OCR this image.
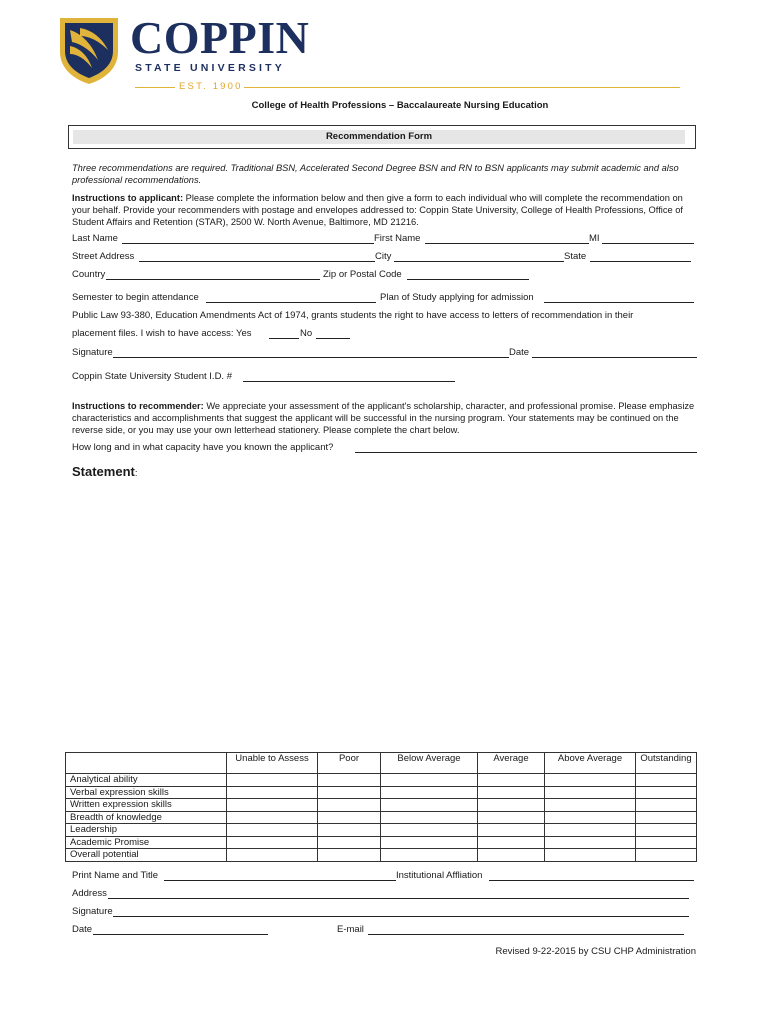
COPPIN
STATE UNIVERSITY
EST. 1900
College of Health Professions – Baccalaureate Nursing Education
Recommendation Form
Three recommendations are required. Traditional BSN, Accelerated Second Degree BSN and RN to BSN applicants may submit academic and also professional recommendations.
Instructions to applicant: Please complete the information below and then give a form to each individual who will complete the recommendation on your behalf. Provide your recommenders with postage and envelopes addressed to: Coppin State University, College of Health Professions, Office of Student Affairs and Retention (STAR), 2500 W. North Avenue, Baltimore, MD 21216.
Last Name	First Name	MI
Street Address	City	State
Country	Zip or Postal Code
Semester to begin attendance	Plan of Study applying for admission
Public Law 93-380, Education Amendments Act of 1974, grants students the right to have access to letters of recommendation in their
placement files. I wish to have access: Yes	No
Signature	Date
Coppin State University Student I.D. #
Instructions to recommender: We appreciate your assessment of the applicant's scholarship, character, and professional promise. Please emphasize characteristics and accomplishments that suggest the applicant will be successful in the nursing program. Your statements may be continued on the reverse side, or you may use your own letterhead stationery. Please complete the chart below.
How long and in what capacity have you known the applicant?
Statement:
	Unable to Assess	Poor	Below Average	Average	Above Average	Outstanding

Analytical ability						
Verbal expression skills						
Written expression skills						
Breadth of knowledge						
Leadership						
Academic Promise						
Overall potential						
Print Name and Title	Institutional Affliation
Address
Signature
Date	E-mail
Revised 9-22-2015 by CSU CHP Administration
